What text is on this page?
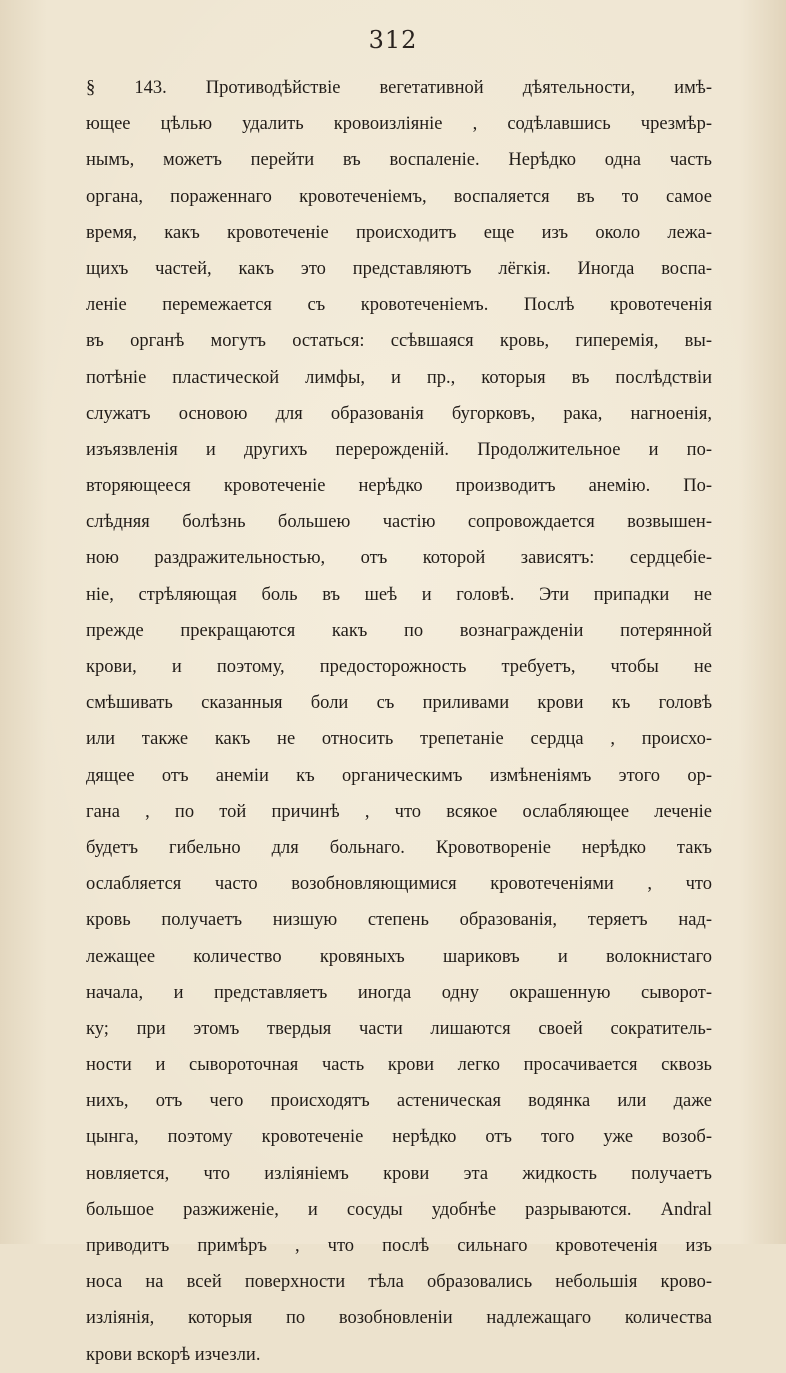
312
§ 143. Противодѣйствіе вегетативной дѣятельности, имѣ-
ющее цѣлью удалить кровоизліяніе , содѣлавшись чрезмѣр-
нымъ, можетъ перейти въ воспаленіе. Нерѣдко одна часть
органа, пораженнаго кровотеченіемъ, воспаляется въ то самое
время, какъ кровотеченіе происходитъ еще изъ около лежа-
щихъ частей, какъ это представляютъ лёгкія. Иногда воспа-
леніе перемежается съ кровотеченіемъ. Послѣ кровотеченія
въ органѣ могутъ остаться: ссѣвшаяся кровь, гиперемія, вы-
потѣніе пластической лимфы, и пр., которыя въ послѣдствіи
служатъ основою для образованія бугорковъ, рака, нагноенія,
изъязвленія и другихъ перерожденій. Продолжительное и по-
вторяющееся кровотеченіе нерѣдко производитъ анемію. По-
слѣдняя болѣзнь большею частію сопровождается возвышен-
ною раздражительностью, отъ которой зависятъ: сердцебіе-
ніе, стрѣляющая боль въ шеѣ и головѣ. Эти припадки не
прежде прекращаются какъ по вознагражденіи потерянной
крови, и поэтому, предосторожность требуетъ, чтобы не
смѣшивать сказанныя боли съ приливами крови къ головѣ
или также какъ не относить трепетаніе сердца , происхо-
дящее отъ анеміи къ органическимъ измѣненіямъ этого ор-
гана , по той причинѣ , что всякое ослабляющее леченіе
будетъ гибельно для больнаго. Кровотвореніе нерѣдко такъ
ослабляется часто возобновляющимися кровотеченіями , что
кровь получаетъ низшую степень образованія, теряетъ над-
лежащее количество кровяныхъ шариковъ и волокнистаго
начала, и представляетъ иногда одну окрашенную сыворот-
ку; при этомъ твердыя части лишаются своей сократитель-
ности и сывороточная часть крови легко просачивается сквозь
нихъ, отъ чего происходятъ астеническая водянка или даже
цынга, поэтому кровотеченіе нерѣдко отъ того уже возоб-
новляется, что изліяніемъ крови эта жидкость получаетъ
большое разжиженіе, и сосуды удобнѣе разрываются. Andral
приводитъ примѣръ , что послѣ сильнаго кровотеченія изъ
носа на всей поверхности тѣла образовались небольшія крово-
изліянія, которыя по возобновленіи надлежащаго количества
крови вскорѣ изчезли.
